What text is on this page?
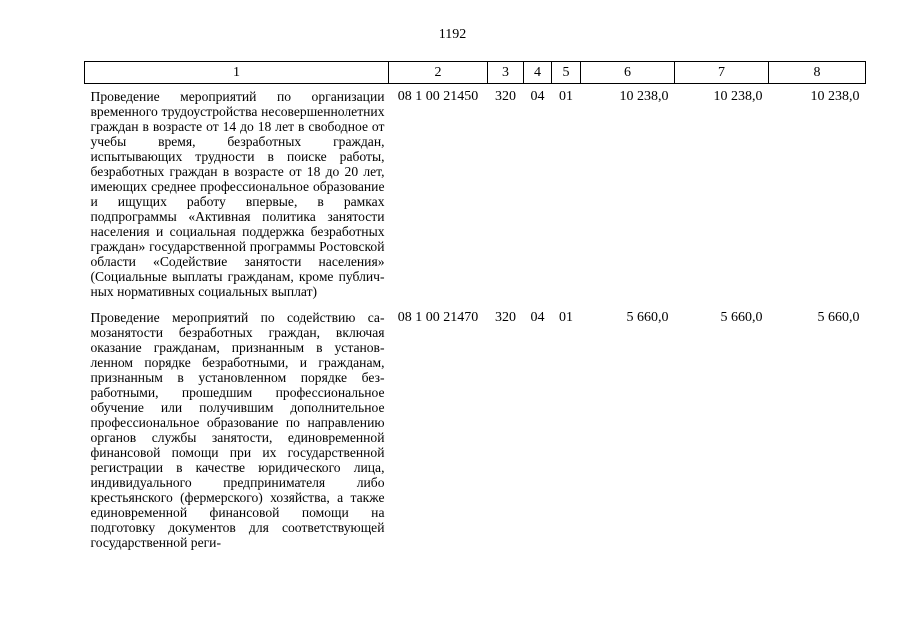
1192
1	2	3	4	5	6	7	8
Проведение мероприятий по организации временного трудоустройства несовершеннолетних граждан в возрасте от 14 до 18 лет в свободное от учебы время, безработных граждан, испытывающих трудности в поиске работы, безработных граждан в возрасте от 18 до 20 лет, имеющих среднее профессиональное образование и ищущих работу впервые, в рамках подпрограммы «Активная политика занятости населения и социальная поддержка безработных граждан» государственной программы Ростовской области «Содействие занятости населения» (Социальные выплаты гражданам, кроме публичных нормативных социальных выплат)	08 1 00 21450	320	04	01	10 238,0	10 238,0	10 238,0
Проведение мероприятий по содействию самозанятости безработных граждан, включая оказание гражданам, признанным в установленном порядке безработными, и гражданам, признанным в установленном порядке безработными, прошедшим профессиональное обучение или получившим дополнительное профессиональное образование по направлению органов службы занятости, единовременной финансовой помощи при их государственной регистрации в качестве юридического лица, индивидуального предпринимателя либо крестьянского (фермерского) хозяйства, а также единовременной финансовой помощи на подготовку документов для соответствующей государственной реги-	08 1 00 21470	320	04	01	5 660,0	5 660,0	5 660,0
